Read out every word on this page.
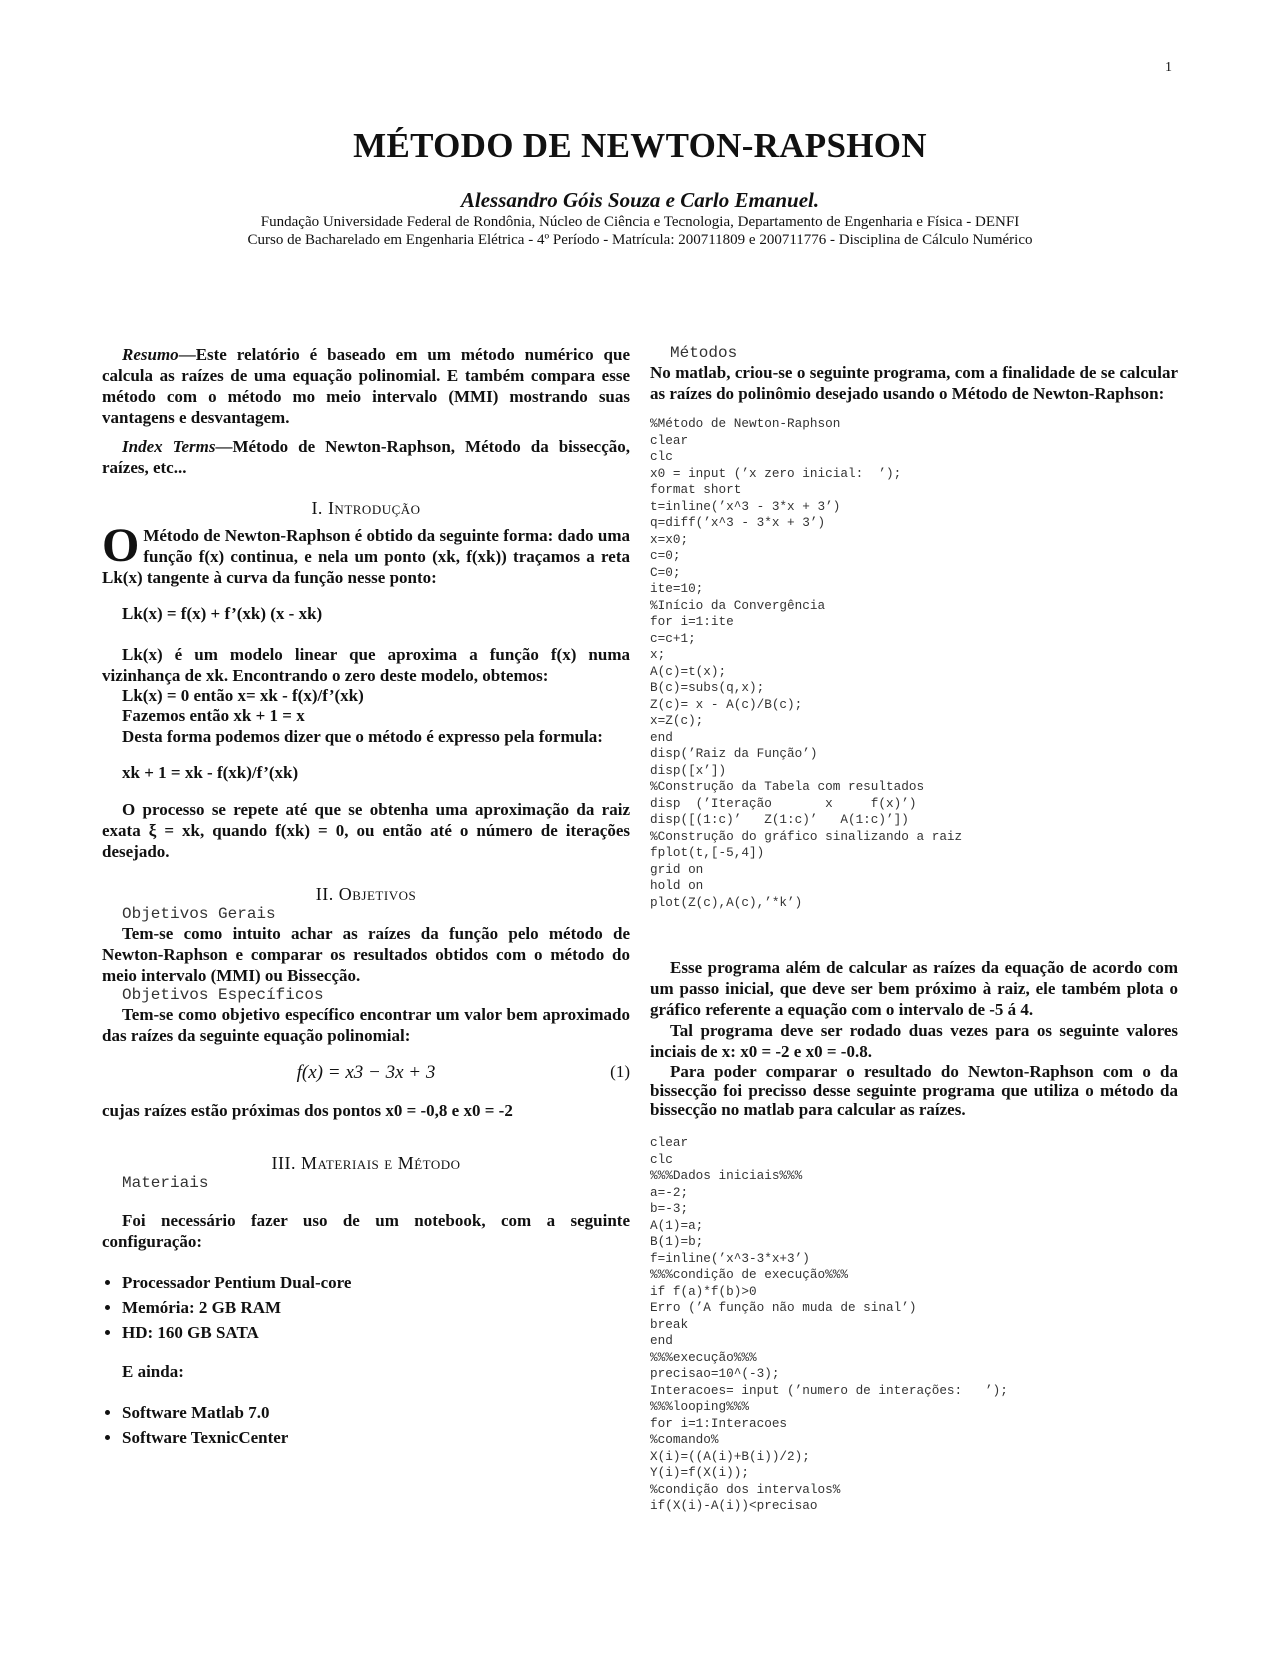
1
MÉTODO DE NEWTON-RAPSHON
Alessandro Góis Souza e Carlo Emanuel.
Fundação Universidade Federal de Rondônia, Núcleo de Ciência e Tecnologia, Departamento de Engenharia e Física - DENFI
Curso de Bacharelado em Engenharia Elétrica - 4º Período - Matrícula: 200711809 e 200711776 - Disciplina de Cálculo Numérico

Resumo—Este relatório é baseado em um método numérico que calcula as raízes de uma equação polinomial. E também compara esse método com o método mo meio intervalo (MMI) mostrando suas vantagens e desvantagem.

Index Terms—Método de Newton-Raphson, Método da bissecção, raízes, etc...

I. Introdução

O Método de Newton-Raphson é obtido da seguinte forma: dado uma função f(x) continua, e nela um ponto (xk, f(xk)) traçamos a reta Lk(x) tangente à curva da função nesse ponto:

Lk(x) = f(x) + f’(xk) (x - xk)

Lk(x) é um modelo linear que aproxima a função f(x) numa vizinhança de xk. Encontrando o zero deste modelo, obtemos:

Lk(x) = 0 então x= xk - f(x)/f’(xk)

Fazemos então xk + 1 = x

Desta forma podemos dizer que o método é expresso pela formula:

xk + 1 = xk - f(xk)/f’(xk)

O processo se repete até que se obtenha uma aproximação da raiz exata ξ = xk, quando f(xk) = 0, ou então até o número de iterações desejado.

II. Objetivos

Objetivos Gerais

Tem-se como intuito achar as raízes da função pelo método de Newton-Raphson e comparar os resultados obtidos com o método do meio intervalo (MMI) ou Bissecção.

Objetivos Específicos

Tem-se como objetivo específico encontrar um valor bem aproximado das raízes da seguinte equação polinomial:

f(x) = x3 − 3x + 3	(1)

cujas raízes estão próximas dos pontos x0 = -0,8 e x0 = -2

III. Materiais e Método

Materiais

Foi necessário fazer uso de um notebook, com a seguinte configuração:

• Processador Pentium Dual-core
• Memória: 2 GB RAM
• HD: 160 GB SATA

E ainda:

• Software Matlab 7.0
• Software TexnicCenter

Métodos

No matlab, criou-se o seguinte programa, com a finalidade de se calcular as raízes do polinômio desejado usando o Método de Newton-Raphson:

%Método de Newton-Raphson
clear
clc
x0 = input (’x zero inicial:  ’);
format short
t=inline(’x^3 - 3*x + 3’)
q=diff(’x^3 - 3*x + 3’)
x=x0;
c=0;
C=0;
ite=10;
%Início da Convergência
for i=1:ite
c=c+1;
x;
A(c)=t(x);
B(c)=subs(q,x);
Z(c)= x - A(c)/B(c);
x=Z(c);
end
disp(’Raiz da Função’)
disp([x’])
%Construção da Tabela com resultados
disp  (’Iteração       x     f(x)’)
disp([(1:c)’   Z(1:c)’   A(1:c)’])
%Construção do gráfico sinalizando a raiz
fplot(t,[-5,4])
grid on
hold on
plot(Z(c),A(c),’*k’)

Esse programa além de calcular as raízes da equação de acordo com um passo inicial, que deve ser bem próximo à raiz, ele também plota o gráfico referente a equação com o intervalo de -5 á 4.

Tal programa deve ser rodado duas vezes para os seguinte valores inciais de x: x0 = -2 e x0 = -0.8.

Para poder comparar o resultado do Newton-Raphson com o da bissecção foi precisso desse seguinte programa que utiliza o método da bissecção no matlab para calcular as raízes.

clear
clc
%%%Dados iniciais%%%
a=-2;
b=-3;
A(1)=a;
B(1)=b;
f=inline(’x^3-3*x+3’)
%%%condição de execução%%%
if f(a)*f(b)>0
Erro (’A função não muda de sinal’)
break
end
%%%execução%%%
precisao=10^(-3);
Interacoes= input (’numero de interações:   ’);
%%%looping%%%
for i=1:Interacoes
%comando%
X(i)=((A(i)+B(i))/2);
Y(i)=f(X(i));
%condição dos intervalos%
if(X(i)-A(i))<precisao
